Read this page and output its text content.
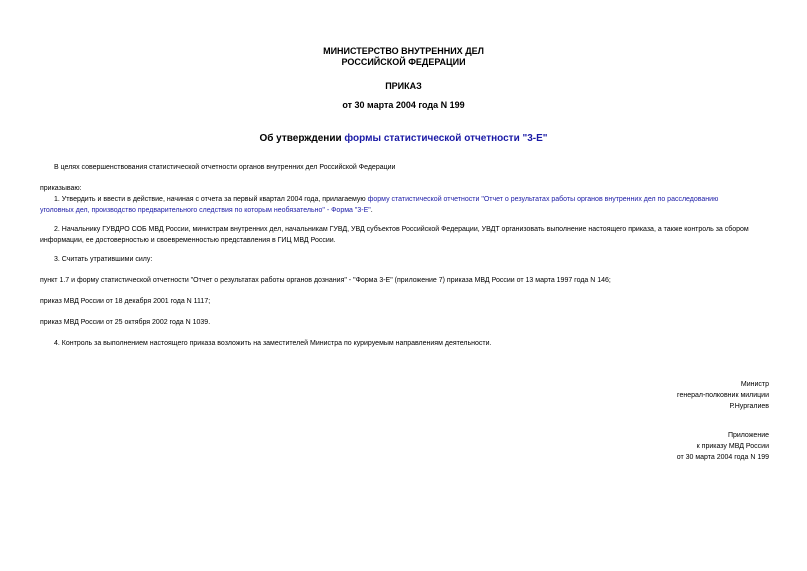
МИНИСТЕРСТВО ВНУТРЕННИХ ДЕЛ
РОССИЙСКОЙ ФЕДЕРАЦИИ
ПРИКАЗ
от 30 марта 2004 года N 199
Об утверждении формы статистической отчетности "3-Е"
В целях совершенствования статистической отчетности органов внутренних дел Российской Федерации
приказываю:
1. Утвердить и ввести в действие, начиная с отчета за первый квартал 2004 года, прилагаемую форму статистической отчетности "Отчет о результатах работы органов внутренних дел по расследованию
уголовных дел, производство предварительного следствия по которым необязательно" - Форма "3-Е".
2. Начальнику ГУВДРО СОБ МВД России, министрам внутренних дел, начальникам ГУВД, УВД субъектов Российской Федерации, УВДТ организовать выполнение настоящего приказа, а также контроль за сбором
информации, ее достоверностью и своевременностью представления в ГИЦ МВД России.
3. Считать утратившими силу:
пункт 1.7 и форму статистической отчетности "Отчет о результатах работы органов дознания" - "Форма 3-Е" (приложение 7) приказа МВД России от 13 марта 1997 года N 146;
приказ МВД России от 18 декабря 2001 года N 1117;
приказ МВД России от 25 октября 2002 года N 1039.
4. Контроль за выполнением настоящего приказа возложить на заместителей Министра по курируемым направлениям деятельности.
Министр
генерал-полковник милиции
Р.Нургалиев
Приложение
к приказу МВД России
от 30 марта 2004 года N 199
